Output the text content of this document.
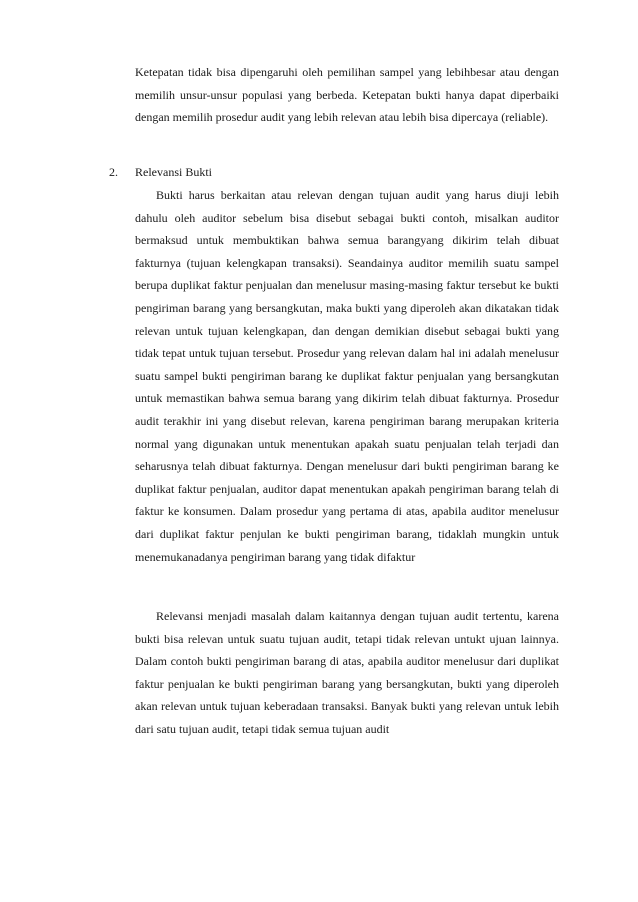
Ketepatan tidak bisa dipengaruhi oleh pemilihan sampel yang lebihbesar atau dengan memilih unsur-unsur populasi yang berbeda. Ketepatan bukti hanya dapat diperbaiki dengan memilih prosedur audit yang lebih relevan atau lebih bisa dipercaya (reliable).

2. Relevansi Bukti

Bukti harus berkaitan atau relevan dengan tujuan audit yang harus diuji lebih dahulu oleh auditor sebelum bisa disebut sebagai bukti contoh, misalkan auditor bermaksud untuk membuktikan bahwa semua barangyang dikirim telah dibuat fakturnya (tujuan kelengkapan transaksi). Seandainya auditor memilih suatu sampel berupa duplikat faktur penjualan dan menelusur masing-masing faktur tersebut ke bukti pengiriman barang yang bersangkutan, maka bukti yang diperoleh akan dikatakan tidak relevan untuk tujuan kelengkapan, dan dengan demikian disebut sebagai bukti yang tidak tepat untuk tujuan tersebut. Prosedur yang relevan dalam hal ini adalah menelusur suatu sampel bukti pengiriman barang ke duplikat faktur penjualan yang bersangkutan untuk memastikan bahwa semua barang yang dikirim telah dibuat fakturnya. Prosedur audit terakhir ini yang disebut relevan, karena pengiriman barang merupakan kriteria normal yang digunakan untuk menentukan apakah suatu penjualan telah terjadi dan seharusnya telah dibuat fakturnya. Dengan menelusur dari bukti pengiriman barang ke duplikat faktur penjualan, auditor dapat menentukan apakah pengiriman barang telah di faktur ke konsumen. Dalam prosedur yang pertama di atas, apabila auditor menelusur dari duplikat faktur penjulan ke bukti pengiriman barang, tidaklah mungkin untuk menemukanadanya pengiriman barang yang tidak difaktur

Relevansi menjadi masalah dalam kaitannya dengan tujuan audit tertentu, karena bukti bisa relevan untuk suatu tujuan audit, tetapi tidak relevan untukt ujuan lainnya. Dalam contoh bukti pengiriman barang di atas, apabila auditor menelusur dari duplikat faktur penjualan ke bukti pengiriman barang yang bersangkutan, bukti yang diperoleh akan relevan untuk tujuan keberadaan transaksi. Banyak bukti yang relevan untuk lebih dari satu tujuan audit, tetapi tidak semua tujuan audit
